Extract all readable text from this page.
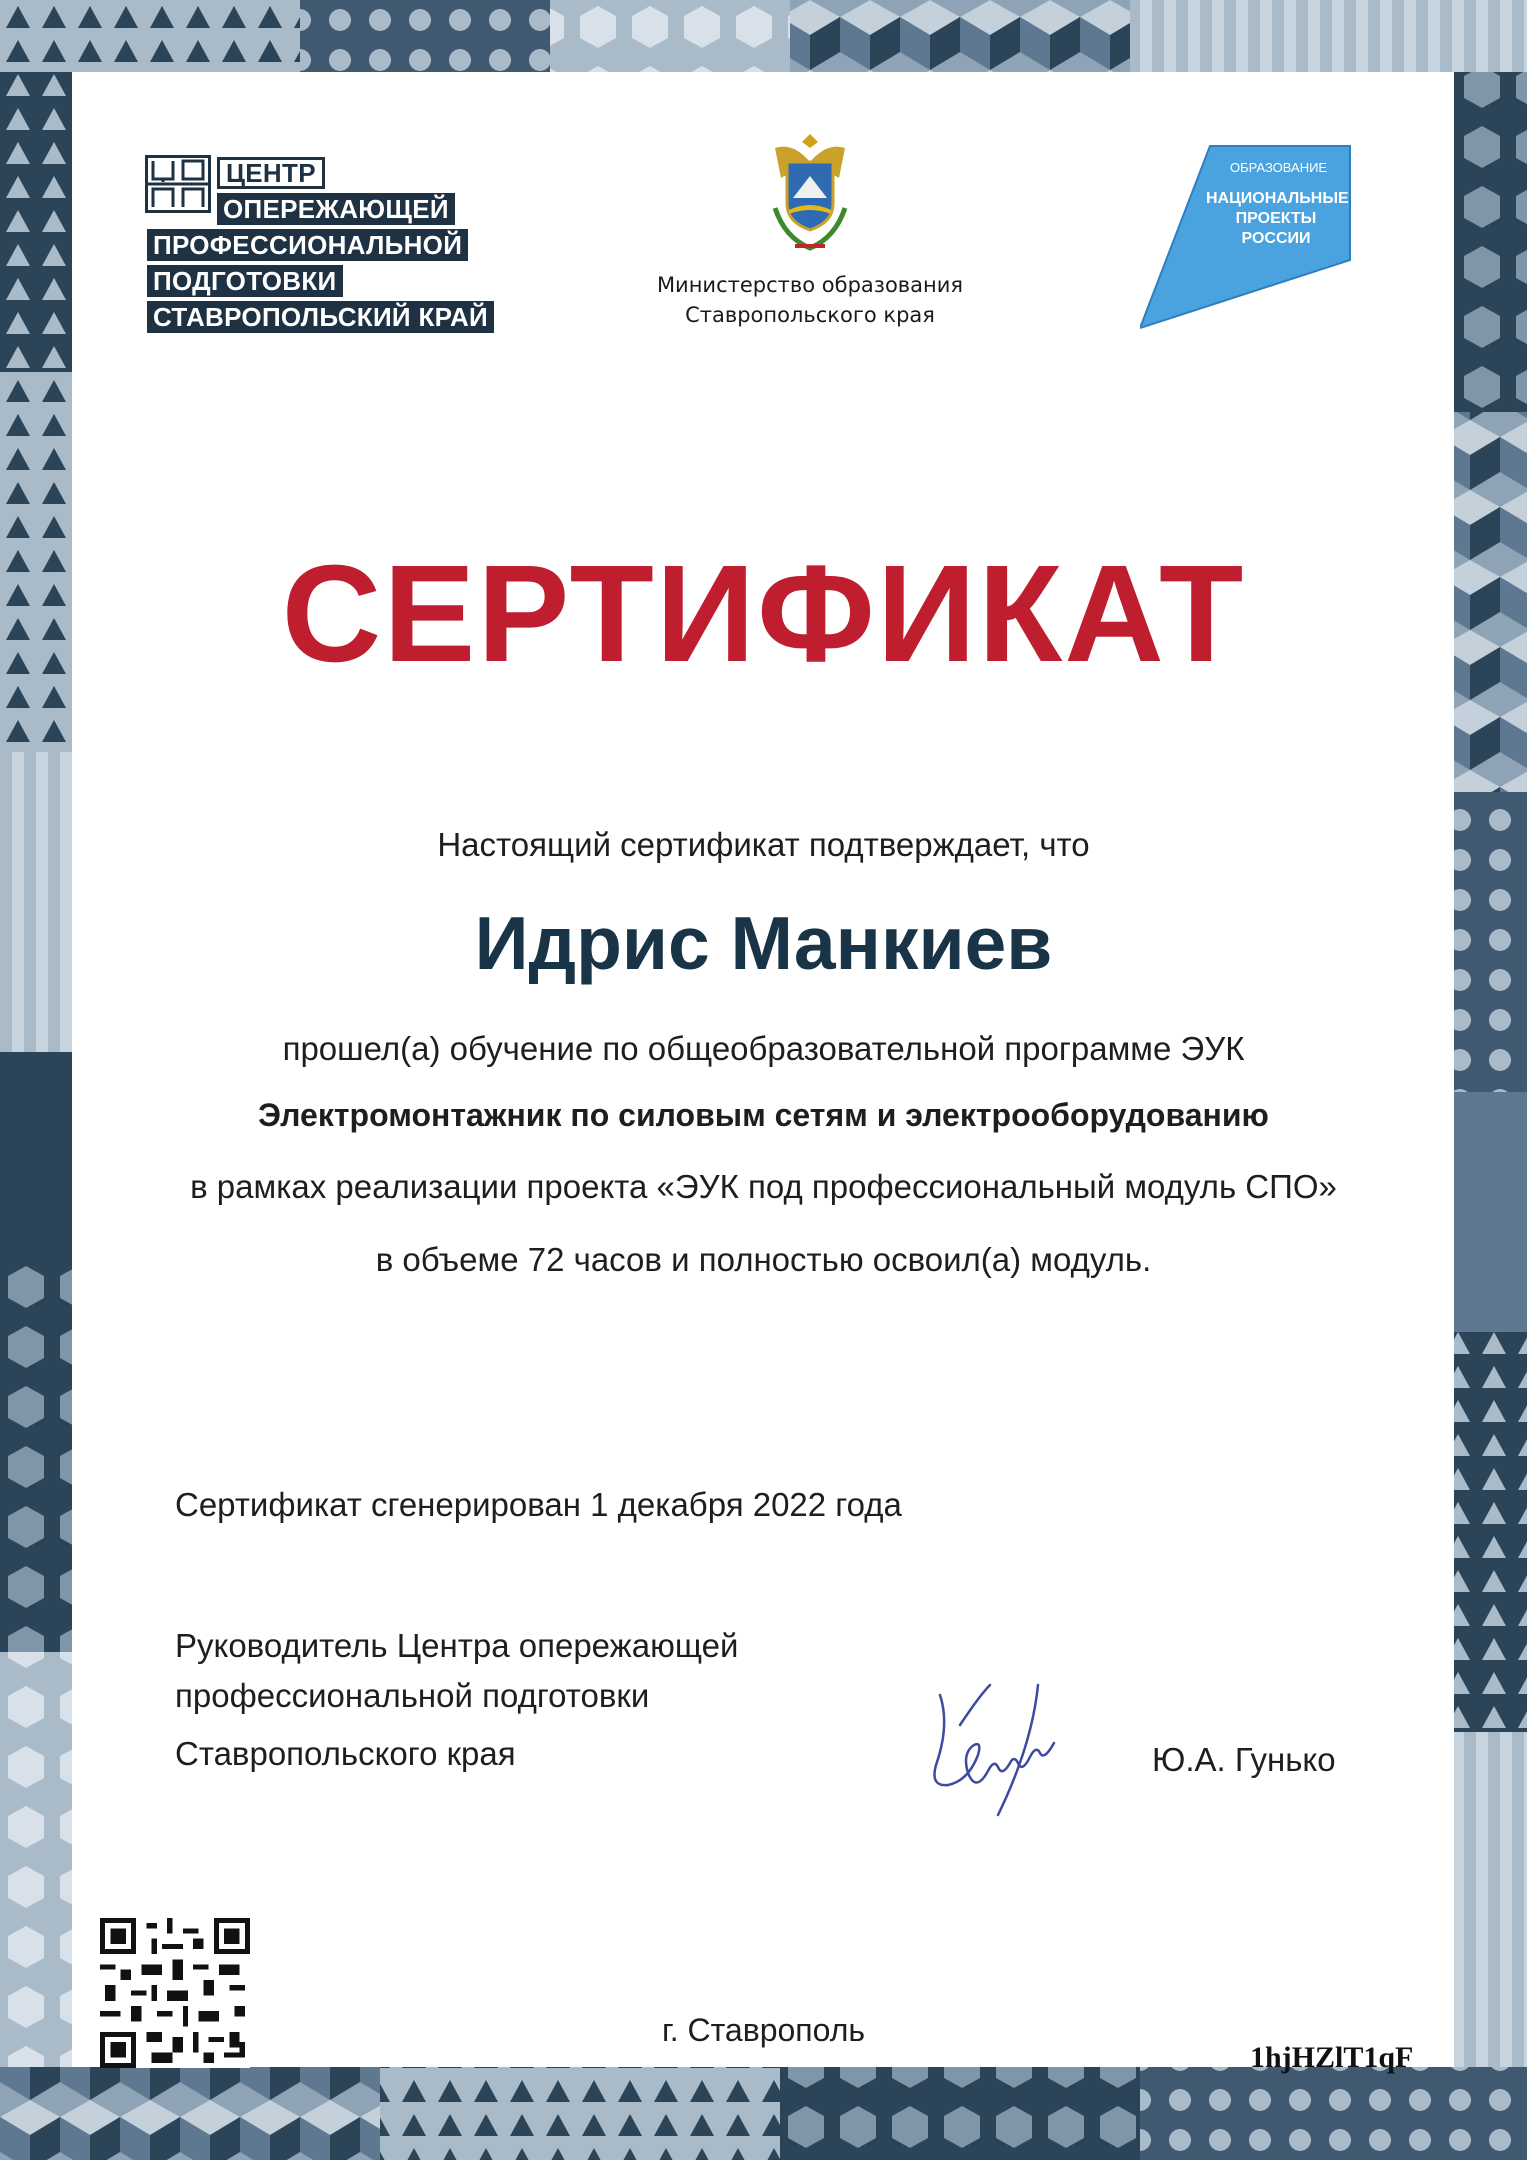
ЦЕНТР
ОПЕРЕЖАЮЩЕЙ
ПРОФЕССИОНАЛЬНОЙ
ПОДГОТОВКИ
СТАВРОПОЛЬСКИЙ КРАЙ
Министерство образования
Ставропольского края
ОБРАЗОВАНИЕ
НАЦИОНАЛЬНЫЕ
ПРОЕКТЫ
РОССИИ
СЕРТИФИКАТ
Настоящий сертификат подтверждает, что
Идрис Манкиев
прошел(а) обучение по общеобразовательной программе ЭУК
Электромонтажник по силовым сетям и электрооборудованию
в рамках реализации проекта «ЭУК под профессиональный модуль СПО»
в объеме 72 часов и полностью освоил(а) модуль.
Сертификат сгенерирован 1 декабря 2022 года
Руководитель Центра опережающей
профессиональной подготовки
Ставропольского края	Ю.А. Гунько
г. Ставрополь
1hjHZlT1qF
